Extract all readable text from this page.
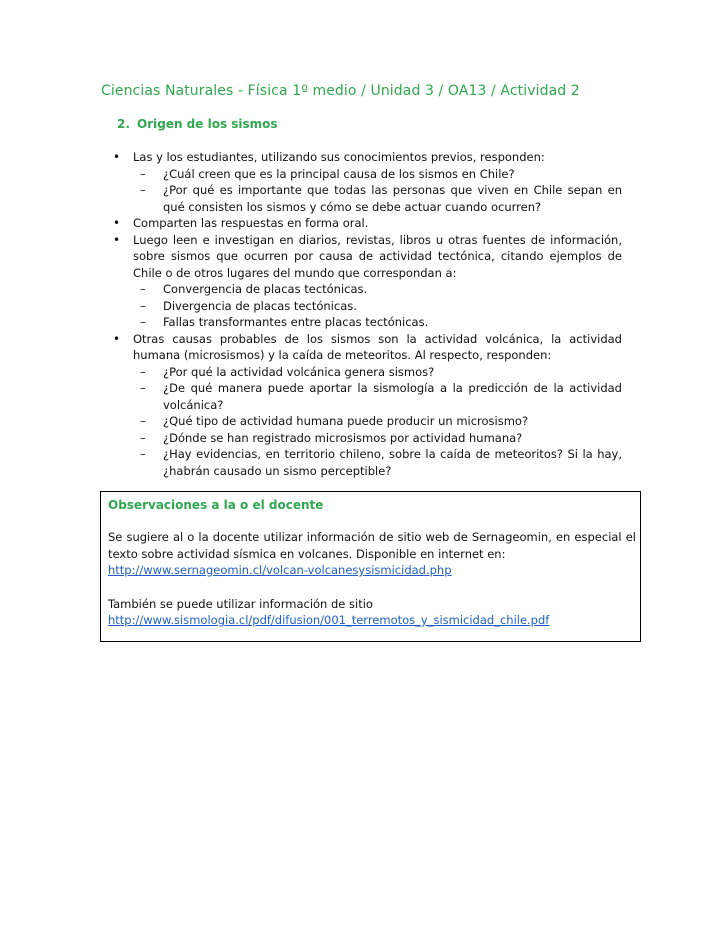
Ciencias Naturales - Física 1º medio / Unidad 3 / OA13 / Actividad 2
2. Origen de los sismos
• Las y los estudiantes, utilizando sus conocimientos previos, responden:
– ¿Cuál creen que es la principal causa de los sismos en Chile?
– ¿Por qué es importante que todas las personas que viven en Chile sepan en qué consisten los sismos y cómo se debe actuar cuando ocurren?
• Comparten las respuestas en forma oral.
• Luego leen e investigan en diarios, revistas, libros u otras fuentes de información, sobre sismos que ocurren por causa de actividad tectónica, citando ejemplos de Chile o de otros lugares del mundo que correspondan a:
– Convergencia de placas tectónicas.
– Divergencia de placas tectónicas.
– Fallas transformantes entre placas tectónicas.
• Otras causas probables de los sismos son la actividad volcánica, la actividad humana (microsismos) y la caída de meteoritos. Al respecto, responden:
– ¿Por qué la actividad volcánica genera sismos?
– ¿De qué manera puede aportar la sismología a la predicción de la actividad volcánica?
– ¿Qué tipo de actividad humana puede producir un microsismo?
– ¿Dónde se han registrado microsismos por actividad humana?
– ¿Hay evidencias, en territorio chileno, sobre la caída de meteoritos? Si la hay, ¿habrán causado un sismo perceptible?
Observaciones a la o el docente

Se sugiere al o la docente utilizar información de sitio web de Sernageomin, en especial el texto sobre actividad sísmica en volcanes. Disponible en internet en:

http://www.sernageomin.cl/volcan-volcanesysismicidad.php

También se puede utilizar información de sitio

http://www.sismologia.cl/pdf/difusion/001_terremotos_y_sismicidad_chile.pdf
